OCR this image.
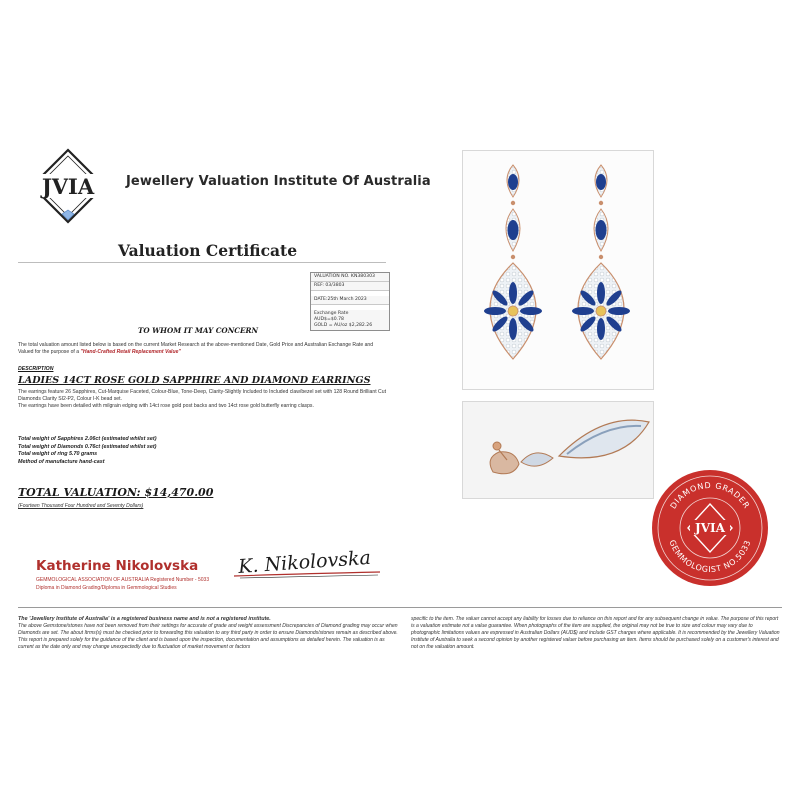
JVIA Jewellery Valuation Institute Of Australia
Valuation Certificate
VALUATION NO. KN380303
REF: 03/3803
DATE:25th March 2023
Exchange Rate
AUD$=$0.78
GOLD = AU/oz $2,282.26
TO WHOM IT MAY CONCERN
The total valuation amount listed below is based on the current Market Research at the above-mentioned Date, Gold Price and Australian Exchange Rate and Valued for the purpose of a "Hand-Crafted Retail Replacement Value"
DESCRIPTION
LADIES 14CT ROSE GOLD SAPPHIRE AND DIAMOND EARRINGS
The earrings feature 26 Sapphires, Cut-Marquise Faceted, Colour-Blue, Tone-Deep, Clarity-Slightly Included to Included claw/bezel set with 128 Round Brilliant Cut Diamonds Clarity SI2-P2, Colour I-K bead set.
The earrings have been detailed with milgrain edging with 14ct rose gold post backs and two 14ct rose gold butterfly earring clasps.
Total weight of Sapphires 2.06ct (estimated whilst set)
Total weight of Diamonds 0.76ct (estimated whilst set)
Total weight of ring 5.70 grams
Method of manufacture hand-cast
TOTAL VALUATION: $14,470.00
(Fourteen Thousand Four Hundred and Seventy Dollars)
Katherine Nikolovska K. Nikolovska
GEMMOLOGICAL ASSOCIATION OF AUSTRALIA Registered Number - 5033
Diploma in Diamond Grading/Diploma in Gemmological Studies
DIAMOND GRADER
GEMMOLOGIST NO.5033
JVIA
The 'Jewellery Institute of Australia' is a registered business name and is not a registered institute.
The above Gemstone/stones have not been removed from their settings for accurate of grade and weight assessment Discrepancies of Diamond grading may occur when Diamonds are set. The about Itrms(s) must be checked prior to forwarding this valuation to any third party in order to ensure Diamonds/stones remain as described above. This report is prepared solely for the guidance of the client and is based upon the inspection, documentation and assumptions as detailed herein. The valuation is as current as the date only and may change unexpectedly due to fluctuation of market movement or factors
specific to the item. The valuer cannot accept any liability for losses due to reliance on this report and for any subsequent change in value. The purpose of this report is a valuation estimate not a value guarantee. When photographs of the item are supplied, the original may not be true to size and colour may vary due to photographic limitations values are expressed in Australian Dollars (AUD$) and include GST charges where applicable. It is recommended by the Jewellery Valuation Institute of Australia to seek a second opinion by another registered valuer before purchasing an item. Items should be purchased solely on a customer's interest and not on the valuation amount.
